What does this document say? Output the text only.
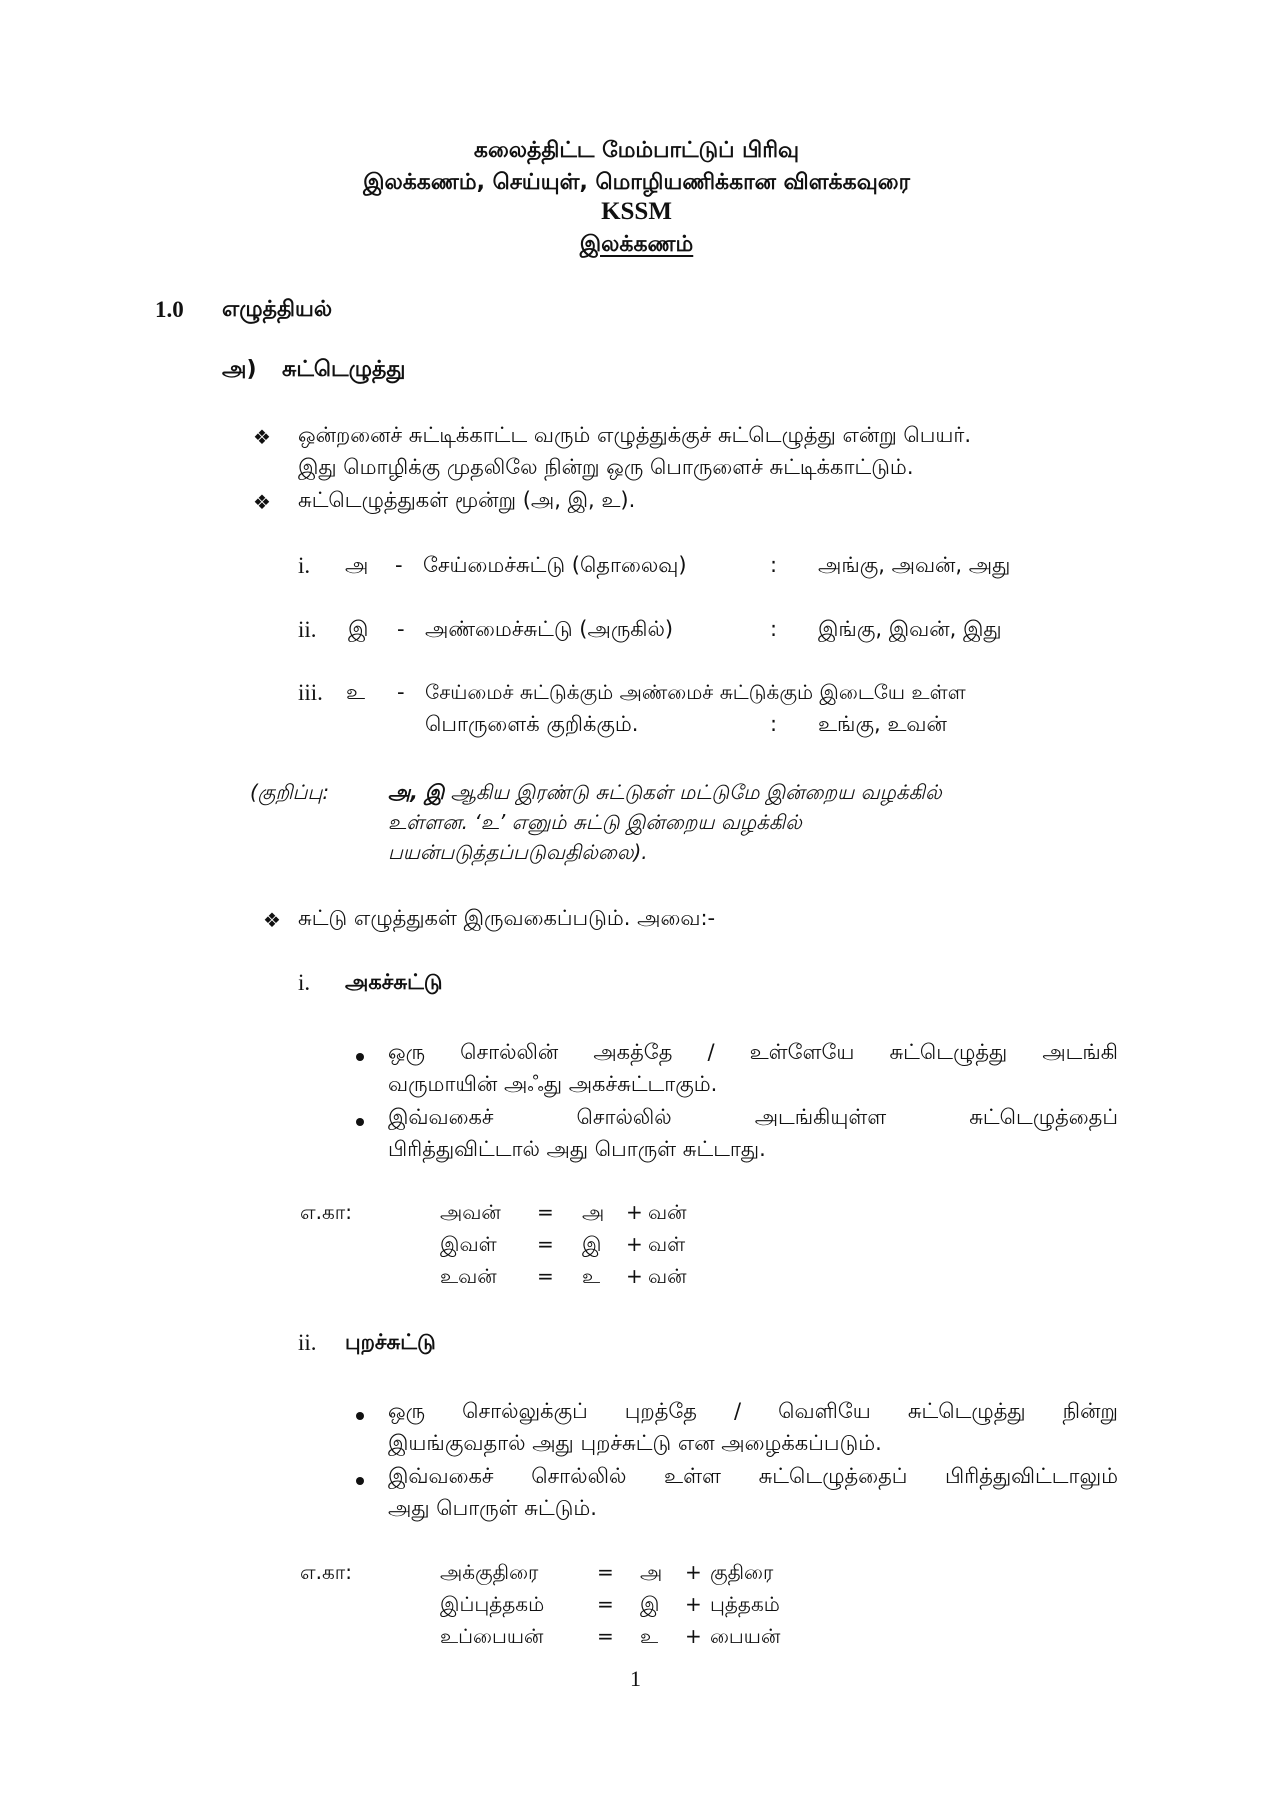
கலைத்திட்ட மேம்பாட்டுப் பிரிவு
இலக்கணம், செய்யுள், மொழியணிக்கான விளக்கவுரை
KSSM
இலக்கணம்
1.0 எழுத்தியல்
அ) சுட்டெழுத்து
❖ ஒன்றனைச் சுட்டிக்காட்ட வரும் எழுத்துக்குச் சுட்டெழுத்து என்று பெயர்.
இது மொழிக்கு முதலிலே நின்று ஒரு பொருளைச் சுட்டிக்காட்டும்.
❖ சுட்டெழுத்துகள் மூன்று (அ, இ, உ).
i. அ - சேய்மைச்சுட்டு (தொலைவு)	: அங்கு, அவன், அது
ii. இ - அண்மைச்சுட்டு (அருகில்)	: இங்கு, இவன், இது
iii. உ - சேய்மைச் சுட்டுக்கும் அண்மைச் சுட்டுக்கும் இடையே உள்ள
பொருளைக் குறிக்கும்.	: உங்கு, உவன்
(குறிப்பு:	அ, இ ஆகிய இரண்டு சுட்டுகள் மட்டுமே இன்றைய வழக்கில்
உள்ளன. ‘உ’ எனும் சுட்டு இன்றைய வழக்கில்
பயன்படுத்தப்படுவதில்லை).
❖ சுட்டு எழுத்துகள் இருவகைப்படும். அவை:-
i. அகச்சுட்டு
ஒரு சொல்லின் அகத்தே / உள்ளேயே சுட்டெழுத்து அடங்கி
வருமாயின் அஃது அகச்சுட்டாகும்.
இவ்வகைச் சொல்லில் அடங்கியுள்ள சுட்டெழுத்தைப்
பிரித்துவிட்டால் அது பொருள் சுட்டாது.
எ.கா:	அவன் = அ + வன்
இவள் = இ + வள்
உவன் = உ + வன்
ii. புறச்சுட்டு
ஒரு சொல்லுக்குப் புறத்தே / வெளியே சுட்டெழுத்து நின்று
இயங்குவதால் அது புறச்சுட்டு என அழைக்கப்படும்.
இவ்வகைச் சொல்லில் உள்ள சுட்டெழுத்தைப் பிரித்துவிட்டாலும்
அது பொருள் சுட்டும்.
எ.கா:	அக்குதிரை	= அ + குதிரை
இப்புத்தகம்	= இ + புத்தகம்
உப்பையன்	= உ + பையன்
1
